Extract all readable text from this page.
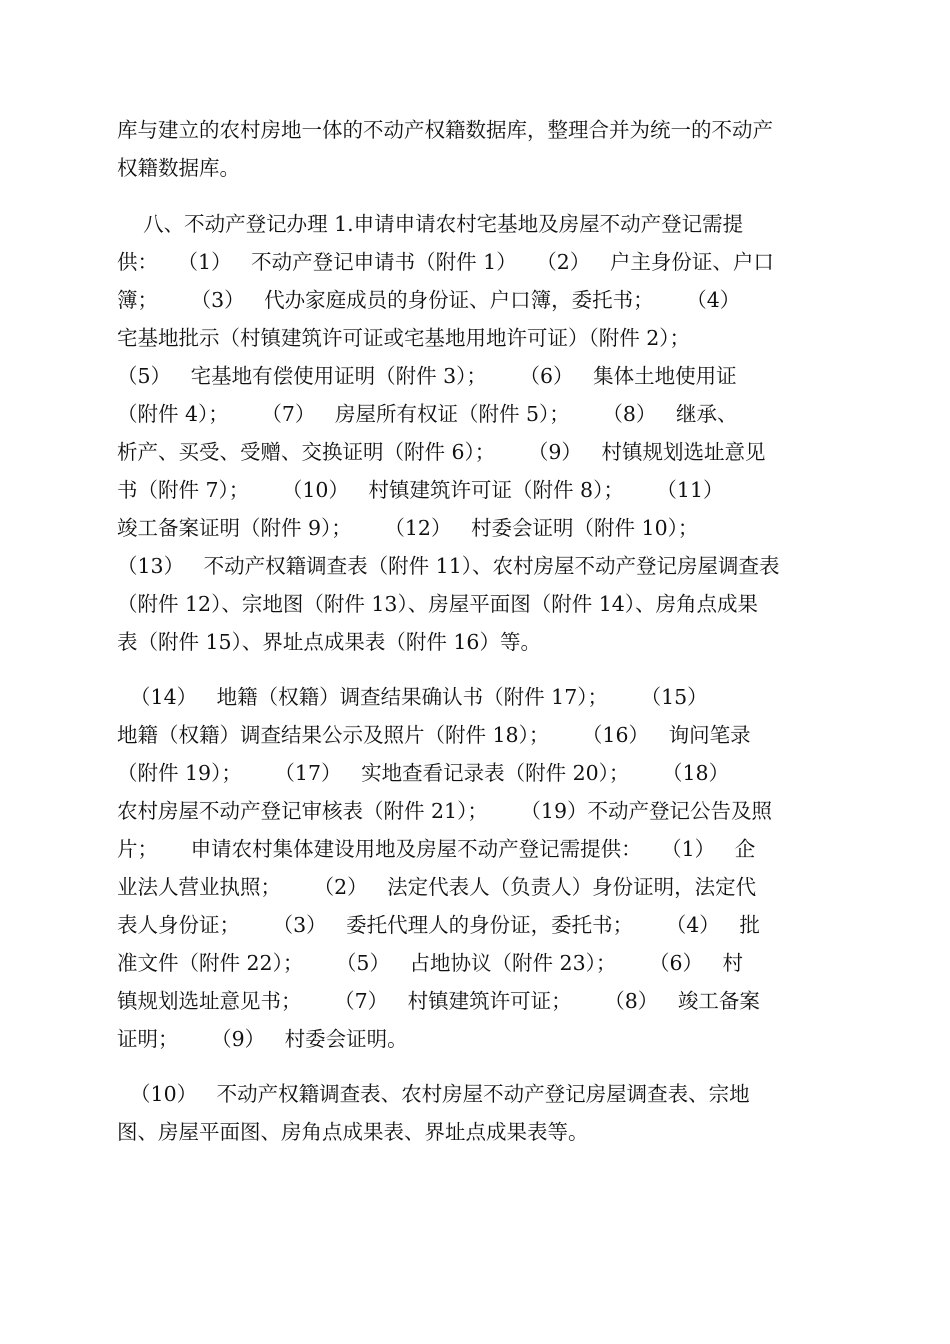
库与建立的农村房地一体的不动产权籍数据库，整理合并为统一的不动产
权籍数据库。
八、不动产登记办理 1.申请申请农村宅基地及房屋不动产登记需提
供：   （1）   不动产登记申请书（附件 1）   （2）   户主身份证、户口
簿；     （3）   代办家庭成员的身份证、户口簿，委托书；     （4）
宅基地批示（村镇建筑许可证或宅基地用地许可证）（附件 2）；
（5）   宅基地有偿使用证明（附件 3）；     （6）   集体土地使用证
（附件 4）；     （7）   房屋所有权证（附件 5）；     （8）   继承、
析产、买受、受赠、交换证明（附件 6）；     （9）   村镇规划选址意见
书（附件 7）；     （10）   村镇建筑许可证（附件 8）；     （11）
竣工备案证明（附件 9）；     （12）   村委会证明（附件 10）；
（13）   不动产权籍调查表（附件 11）、农村房屋不动产登记房屋调查表
（附件 12）、宗地图（附件 13）、房屋平面图（附件 14）、房角点成果
表（附件 15）、界址点成果表（附件 16）等。
（14）   地籍（权籍）调查结果确认书（附件 17）；     （15）
地籍（权籍）调查结果公示及照片（附件 18）；     （16）   询问笔录
（附件 19）；     （17）   实地查看记录表（附件 20）；     （18）
农村房屋不动产登记审核表（附件 21）；     （19）不动产登记公告及照
片；     申请农村集体建设用地及房屋不动产登记需提供：   （1）   企
业法人营业执照；     （2）   法定代表人（负责人）身份证明，法定代
表人身份证；     （3）   委托代理人的身份证，委托书；     （4）   批
准文件（附件 22）；     （5）   占地协议（附件 23）；     （6）   村
镇规划选址意见书；     （7）   村镇建筑许可证；     （8）   竣工备案
证明；     （9）   村委会证明。
（10）   不动产权籍调查表、农村房屋不动产登记房屋调查表、宗地
图、房屋平面图、房角点成果表、界址点成果表等。
